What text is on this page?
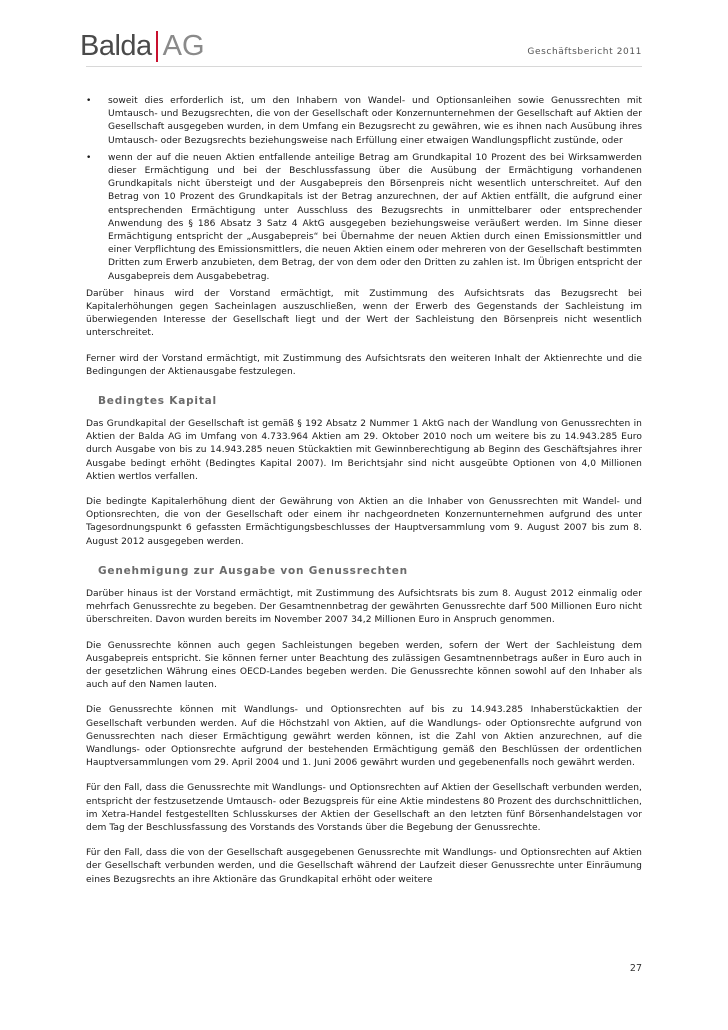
Balda AG	Geschäftsbericht 2011
•	soweit dies erforderlich ist, um den Inhabern von Wandel- und Optionsanleihen sowie Genussrechten mit Umtausch- und Bezugsrechten, die von der Gesellschaft oder Konzernunternehmen der Gesellschaft auf Aktien der Gesellschaft ausgegeben wurden, in dem Umfang ein Bezugsrecht zu gewähren, wie es ihnen nach Ausübung ihres Umtausch- oder Bezugsrechts beziehungsweise nach Erfüllung einer etwaigen Wandlungspflicht zustünde, oder
•	wenn der auf die neuen Aktien entfallende anteilige Betrag am Grundkapital 10 Prozent des bei Wirksamwerden dieser Ermächtigung und bei der Beschlussfassung über die Ausübung der Ermächtigung vorhandenen Grundkapitals nicht übersteigt und der Ausgabepreis den Börsenpreis nicht wesentlich unterschreitet. Auf den Betrag von 10 Prozent des Grundkapitals ist der Betrag anzurechnen, der auf Aktien entfällt, die aufgrund einer entsprechenden Ermächtigung unter Ausschluss des Bezugsrechts in unmittelbarer oder entsprechender Anwendung des § 186 Absatz 3 Satz 4 AktG ausgegeben beziehungsweise veräußert werden. Im Sinne dieser Ermächtigung entspricht der „Ausgabepreis“ bei Übernahme der neuen Aktien durch einen Emissionsmittler und einer Verpflichtung des Emissionsmittlers, die neuen Aktien einem oder mehreren von der Gesellschaft bestimmten Dritten zum Erwerb anzubieten, dem Betrag, der von dem oder den Dritten zu zahlen ist. Im Übrigen entspricht der Ausgabepreis dem Ausgabebetrag.

Darüber hinaus wird der Vorstand ermächtigt, mit Zustimmung des Aufsichtsrats das Bezugsrecht bei Kapitalerhöhungen gegen Sacheinlagen auszuschließen, wenn der Erwerb des Gegenstands der Sachleistung im überwiegenden Interesse der Gesellschaft liegt und der Wert der Sachleistung den Börsenpreis nicht wesentlich unterschreitet.

Ferner wird der Vorstand ermächtigt, mit Zustimmung des Aufsichtsrats den weiteren Inhalt der Aktienrechte und die Bedingungen der Aktienausgabe festzulegen.

Bedingtes Kapital

Das Grundkapital der Gesellschaft ist gemäß § 192 Absatz 2 Nummer 1 AktG nach der Wandlung von Genussrechten in Aktien der Balda AG im Umfang von 4.733.964 Aktien am 29. Oktober 2010 noch um weitere bis zu 14.943.285 Euro durch Ausgabe von bis zu 14.943.285 neuen Stückaktien mit Gewinnberechtigung ab Beginn des Geschäftsjahres ihrer Ausgabe bedingt erhöht (Bedingtes Kapital 2007). Im Berichtsjahr sind nicht ausgeübte Optionen von 4,0 Millionen Aktien wertlos verfallen.

Die bedingte Kapitalerhöhung dient der Gewährung von Aktien an die Inhaber von Genussrechten mit Wandel- und Optionsrechten, die von der Gesellschaft oder einem ihr nachgeordneten Konzernunternehmen aufgrund des unter Tagesordnungspunkt 6 gefassten Ermächtigungsbeschlusses der Hauptversammlung vom 9. August 2007 bis zum 8. August 2012 ausgegeben werden.

Genehmigung zur Ausgabe von Genussrechten

Darüber hinaus ist der Vorstand ermächtigt, mit Zustimmung des Aufsichtsrats bis zum 8. August 2012 einmalig oder mehrfach Genussrechte zu begeben. Der Gesamtnennbetrag der gewährten Genussrechte darf 500 Millionen Euro nicht überschreiten. Davon wurden bereits im November 2007 34,2 Millionen Euro in Anspruch genommen.

Die Genussrechte können auch gegen Sachleistungen begeben werden, sofern der Wert der Sachleistung dem Ausgabepreis entspricht. Sie können ferner unter Beachtung des zulässigen Gesamtnennbetrags außer in Euro auch in der gesetzlichen Währung eines OECD-Landes begeben werden. Die Genussrechte können sowohl auf den Inhaber als auch auf den Namen lauten.

Die Genussrechte können mit Wandlungs- und Optionsrechten auf bis zu 14.943.285 Inhaberstückaktien der Gesellschaft verbunden werden. Auf die Höchstzahl von Aktien, auf die Wandlungs- oder Optionsrechte aufgrund von Genussrechten nach dieser Ermächtigung gewährt werden können, ist die Zahl von Aktien anzurechnen, auf die Wandlungs- oder Optionsrechte aufgrund der bestehenden Ermächtigung gemäß den Beschlüssen der ordentlichen Hauptversammlungen vom 29. April 2004 und 1. Juni 2006 gewährt wurden und gegebenenfalls noch gewährt werden.

Für den Fall, dass die Genussrechte mit Wandlungs- und Optionsrechten auf Aktien der Gesellschaft verbunden werden, entspricht der festzusetzende Umtausch- oder Bezugspreis für eine Aktie mindestens 80 Prozent des durchschnittlichen, im Xetra-Handel festgestellten Schlusskurses der Aktien der Gesellschaft an den letzten fünf Börsenhandelstagen vor dem Tag der Beschlussfassung des Vorstands des Vorstands über die Begebung der Genussrechte.

Für den Fall, dass die von der Gesellschaft ausgegebenen Genussrechte mit Wandlungs- und Optionsrechten auf Aktien der Gesellschaft verbunden werden, und die Gesellschaft während der Laufzeit dieser Genussrechte unter Einräumung eines Bezugsrechts an ihre Aktionäre das Grundkapital erhöht oder weitere

27
